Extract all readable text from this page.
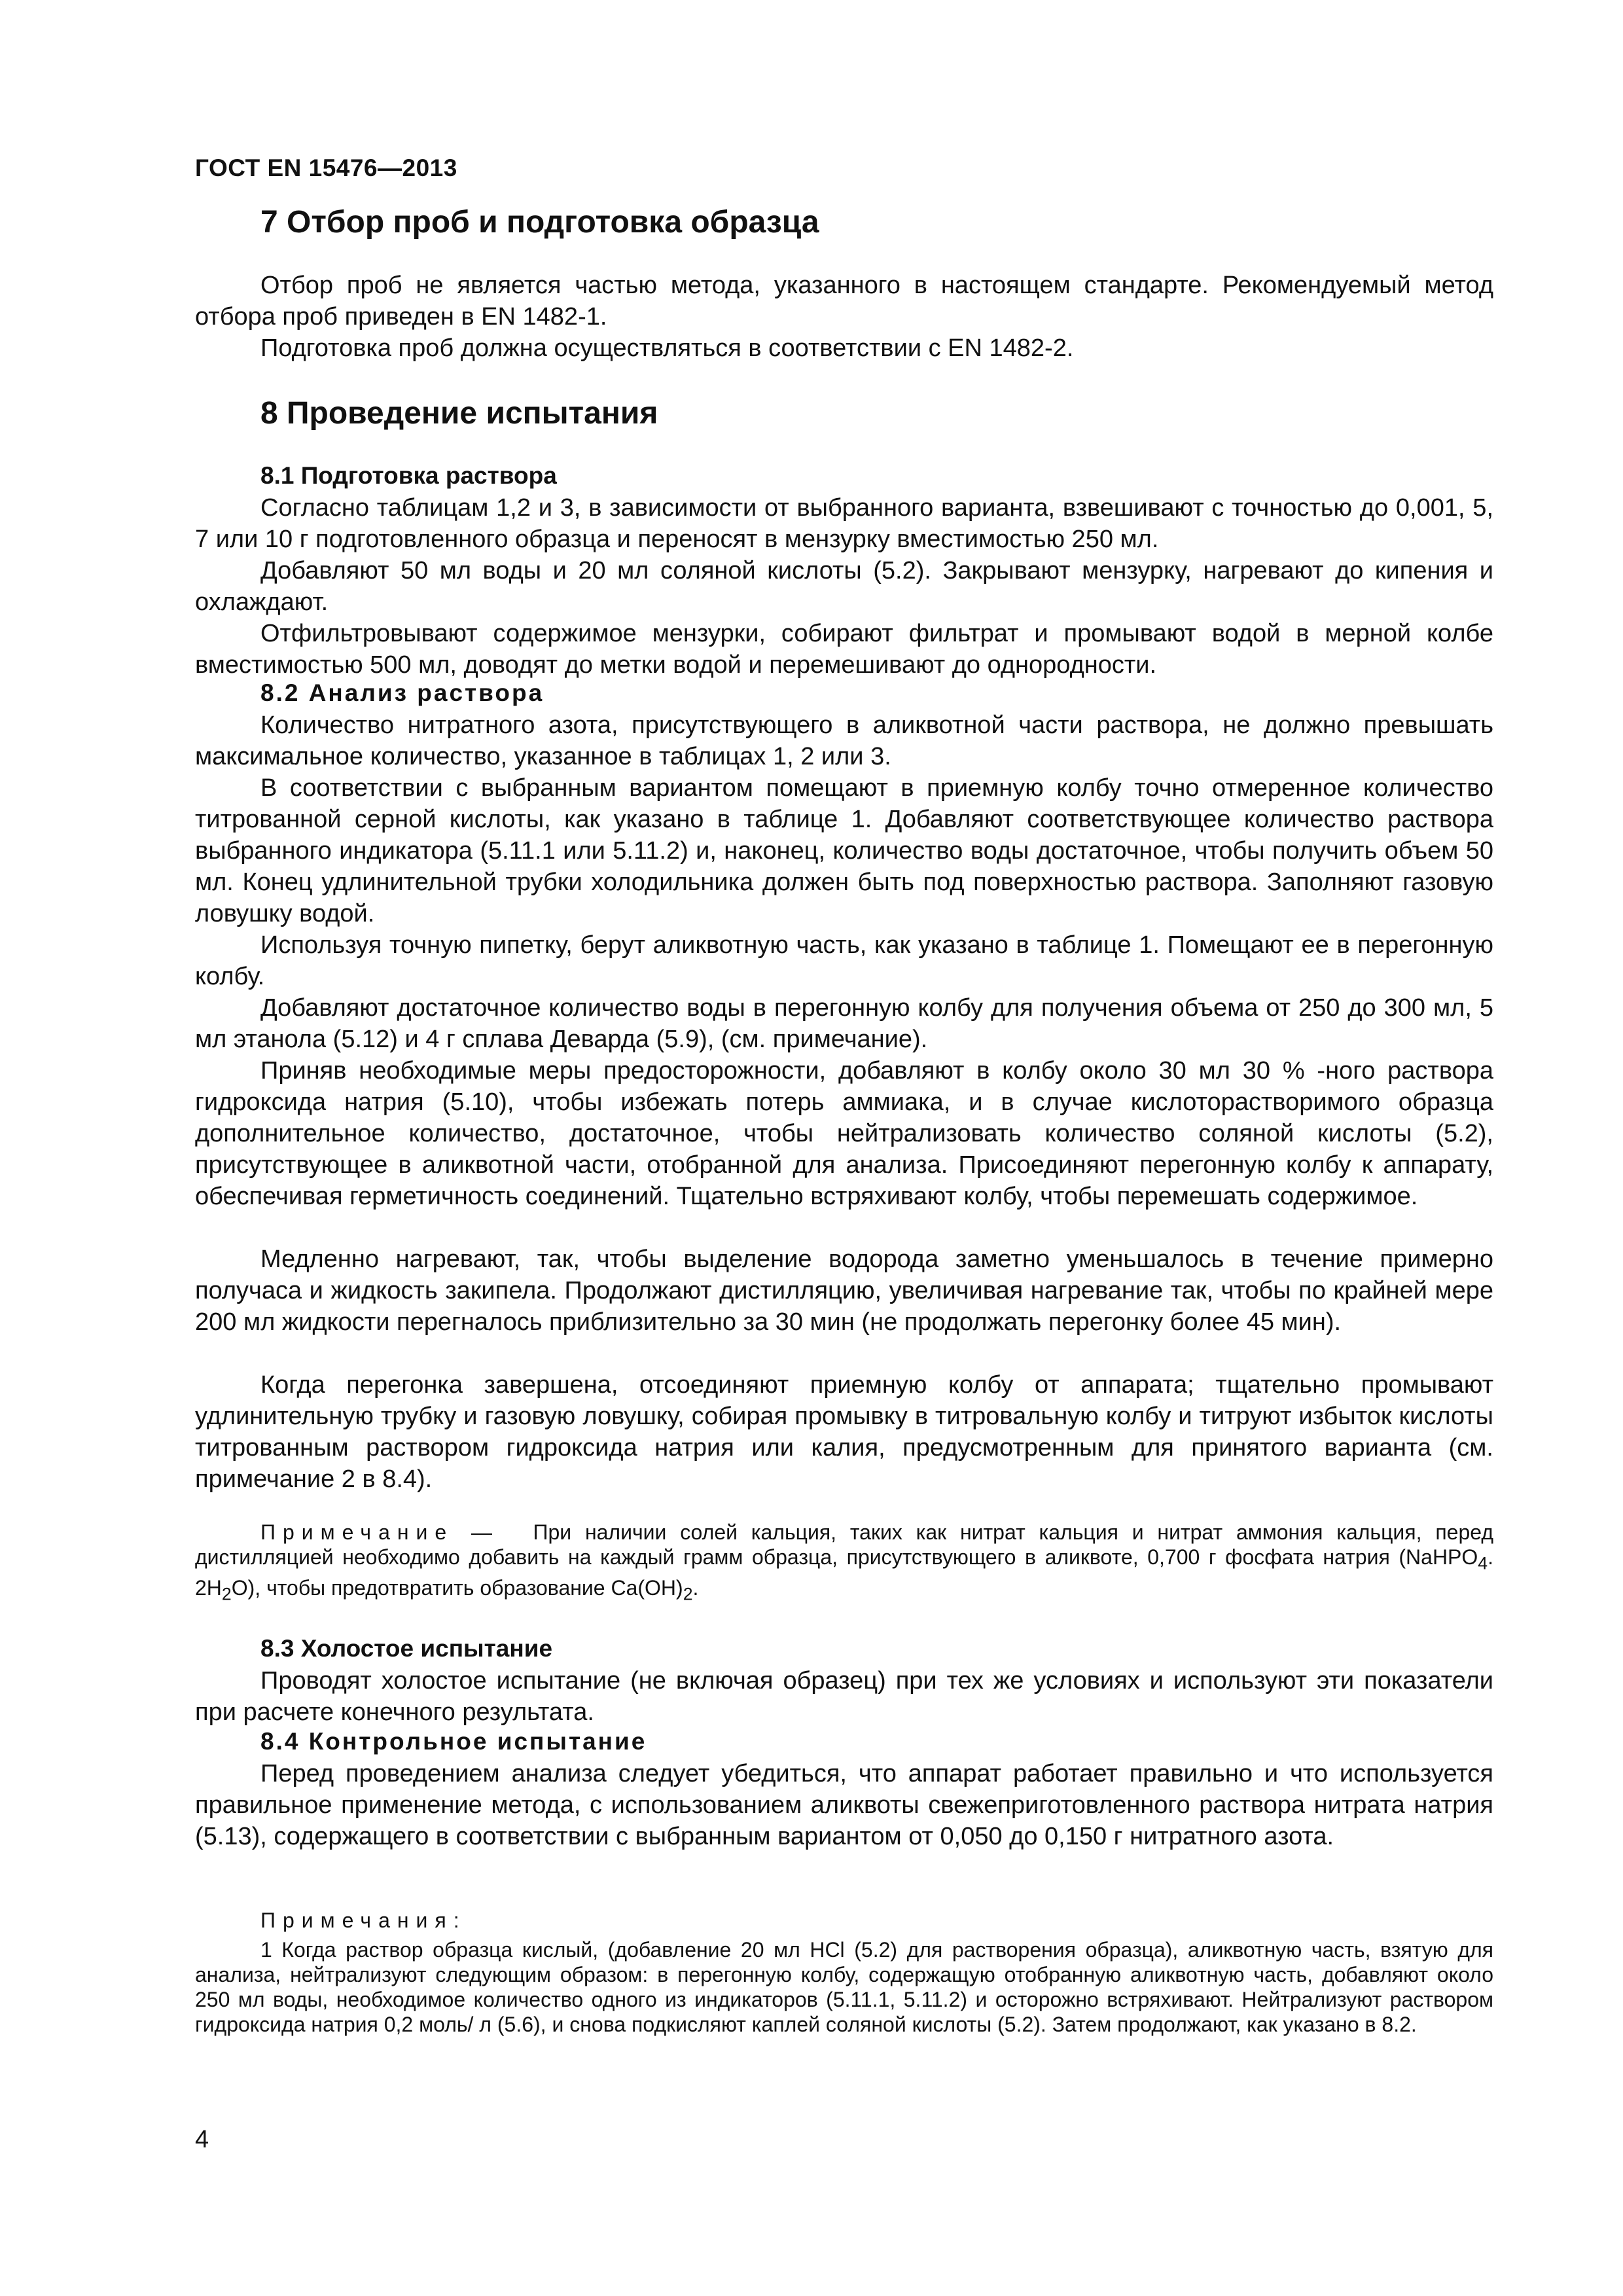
ГОСТ EN 15476—2013
7 Отбор проб и подготовка образца
Отбор проб не является частью метода, указанного в настоящем стандарте. Рекомендуемый метод отбора проб приведен в EN 1482-1.
Подготовка проб должна осуществляться в соответствии с EN 1482-2.
8 Проведение испытания
8.1 Подготовка раствора
Согласно таблицам 1,2 и 3, в зависимости от выбранного варианта, взвешивают с точностью до 0,001, 5, 7 или 10 г подготовленного образца и переносят в мензурку вместимостью 250 мл.
Добавляют 50 мл воды и 20 мл соляной кислоты (5.2). Закрывают мензурку, нагревают до кипения и охлаждают.
Отфильтровывают содержимое мензурки, собирают фильтрат и промывают водой в мерной колбе вместимостью 500 мл, доводят до метки водой и перемешивают до однородности.
8.2 Анализ раствора
Количество нитратного азота, присутствующего в аликвотной части раствора, не должно превышать максимальное количество, указанное в таблицах 1, 2 или 3.
В соответствии с выбранным вариантом помещают в приемную колбу точно отмеренное количество титрованной серной кислоты, как указано в таблице 1. Добавляют соответствующее количество раствора выбранного индикатора (5.11.1 или 5.11.2) и, наконец, количество воды достаточное, чтобы получить объем 50 мл. Конец удлинительной трубки холодильника должен быть под поверхностью раствора. Заполняют газовую ловушку водой.
Используя точную пипетку, берут аликвотную часть, как указано в таблице 1. Помещают ее в перегонную колбу.
Добавляют достаточное количество воды в перегонную колбу для получения объема от 250 до 300 мл, 5 мл этанола (5.12) и 4 г сплава Деварда (5.9), (см. примечание).
Приняв необходимые меры предосторожности, добавляют в колбу около 30 мл 30 % -ного раствора гидроксида натрия (5.10), чтобы избежать потерь аммиака, и в случае кислоторастворимого образца дополнительное количество, достаточное, чтобы нейтрализовать количество соляной кислоты (5.2), присутствующее в аликвотной части, отобранной для анализа. Присоединяют перегонную колбу к аппарату, обеспечивая герметичность соединений. Тщательно встряхивают колбу, чтобы перемешать содержимое.
Медленно нагревают, так, чтобы выделение водорода заметно уменьшалось в течение примерно получаса и жидкость закипела. Продолжают дистилляцию, увеличивая нагревание так, чтобы по крайней мере 200 мл жидкости перегналось приблизительно за 30 мин (не продолжать перегонку более 45 мин).
Когда перегонка завершена, отсоединяют приемную колбу от аппарата; тщательно промывают удлинительную трубку и газовую ловушку, собирая промывку в титровальную колбу и титруют избыток кислоты титрованным раствором гидроксида натрия или калия, предусмотренным для принятого варианта (см. примечание 2 в 8.4).
Примечание — При наличии солей кальция, таких как нитрат кальция и нитрат аммония кальция, перед дистилляцией необходимо добавить на каждый грамм образца, присутствующего в аликвоте, 0,700 г фосфата натрия (NaHPO$_4$. $2H_2O$), чтобы предотвратить образование $Ca(OH)_2$.
8.3 Холостое испытание
Проводят холостое испытание (не включая образец) при тех же условиях и используют эти показатели при расчете конечного результата.
8.4 Контрольное испытание
Перед проведением анализа следует убедиться, что аппарат работает правильно и что используется правильное применение метода, с использованием аликвоты свежеприготовленного раствора нитрата натрия (5.13), содержащего в соответствии с выбранным вариантом от 0,050 до 0,150 г нитратного азота.
Примечания:
1 Когда раствор образца кислый, (добавление 20 мл HCl (5.2) для растворения образца), аликвотную часть, взятую для анализа, нейтрализуют следующим образом: в перегонную колбу, содержащую отобранную аликвотную часть, добавляют около 250 мл воды, необходимое количество одного из индикаторов (5.11.1, 5.11.2) и осторожно встряхивают. Нейтрализуют раствором гидроксида натрия 0,2 моль/ л (5.6), и снова подкисляют каплей соляной кислоты (5.2). Затем продолжают, как указано в 8.2.
4
